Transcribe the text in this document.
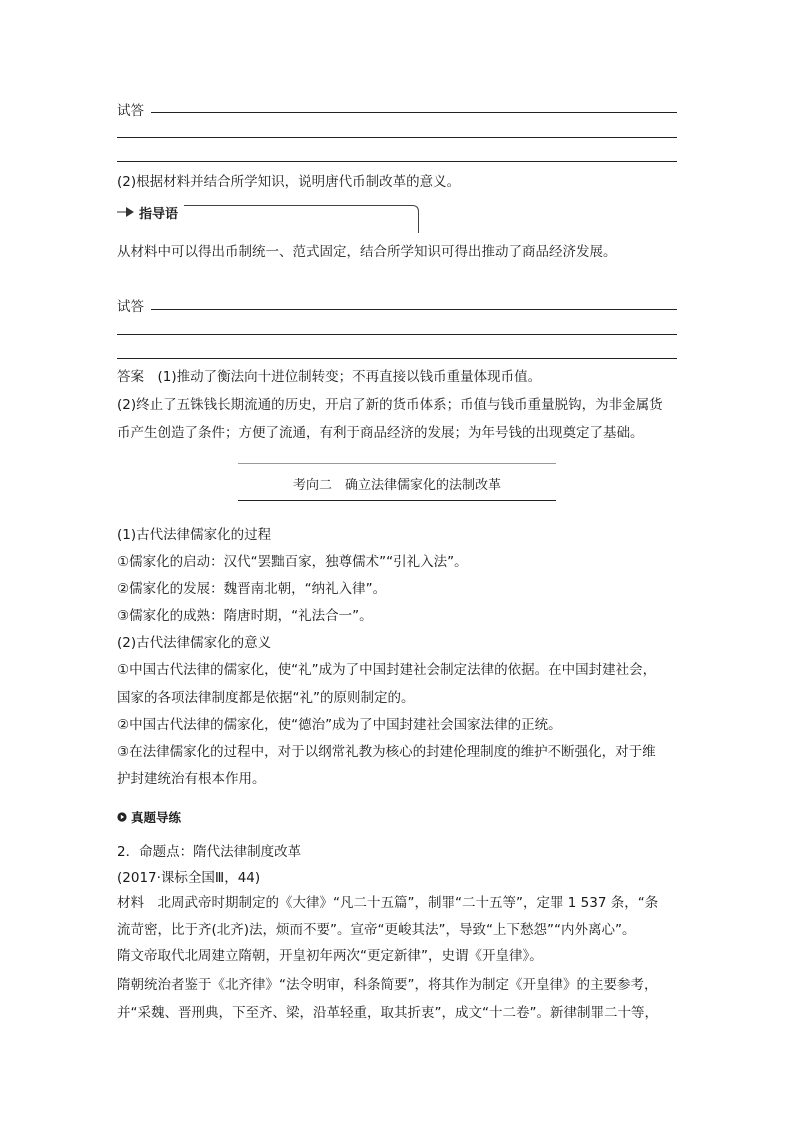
试答
(2)根据材料并结合所学知识，说明唐代币制改革的意义。
指导语
从材料中可以得出币制统一、范式固定，结合所学知识可得出推动了商品经济发展。
试答
答案　(1)推动了衡法向十进位制转变；不再直接以钱币重量体现币值。
(2)终止了五铢钱长期流通的历史，开启了新的货币体系；币值与钱币重量脱钩，为非金属货
币产生创造了条件；方便了流通，有利于商品经济的发展；为年号钱的出现奠定了基础。
考向二　确立法律儒家化的法制改革
(1)古代法律儒家化的过程
①儒家化的启动：汉代“罢黜百家，独尊儒术”“引礼入法”。
②儒家化的发展：魏晋南北朝，“纳礼入律”。
③儒家化的成熟：隋唐时期，“礼法合一”。
(2)古代法律儒家化的意义
①中国古代法律的儒家化，使“礼”成为了中国封建社会制定法律的依据。在中国封建社会，
国家的各项法律制度都是依据“礼”的原则制定的。
②中国古代法律的儒家化，使“德治”成为了中国封建社会国家法律的正统。
③在法律儒家化的过程中，对于以纲常礼教为核心的封建伦理制度的维护不断强化，对于维
护封建统治有根本作用。
真题导练
2．命题点：隋代法律制度改革
(2017·课标全国Ⅲ，44)
材料　北周武帝时期制定的《大律》“凡二十五篇”，制罪“二十五等”，定罪 1 537 条，“条
流苛密，比于齐(北齐)法，烦而不要”。宣帝“更峻其法”，导致“上下愁怨”“内外离心”。
隋文帝取代北周建立隋朝，开皇初年两次“更定新律”，史谓《开皇律》。
隋朝统治者鉴于《北齐律》“法令明审，科条简要”，将其作为制定《开皇律》的主要参考，
并“采魏、晋刑典，下至齐、梁，沿革轻重，取其折衷”，成文“十二卷”。新律制罪二十等，
